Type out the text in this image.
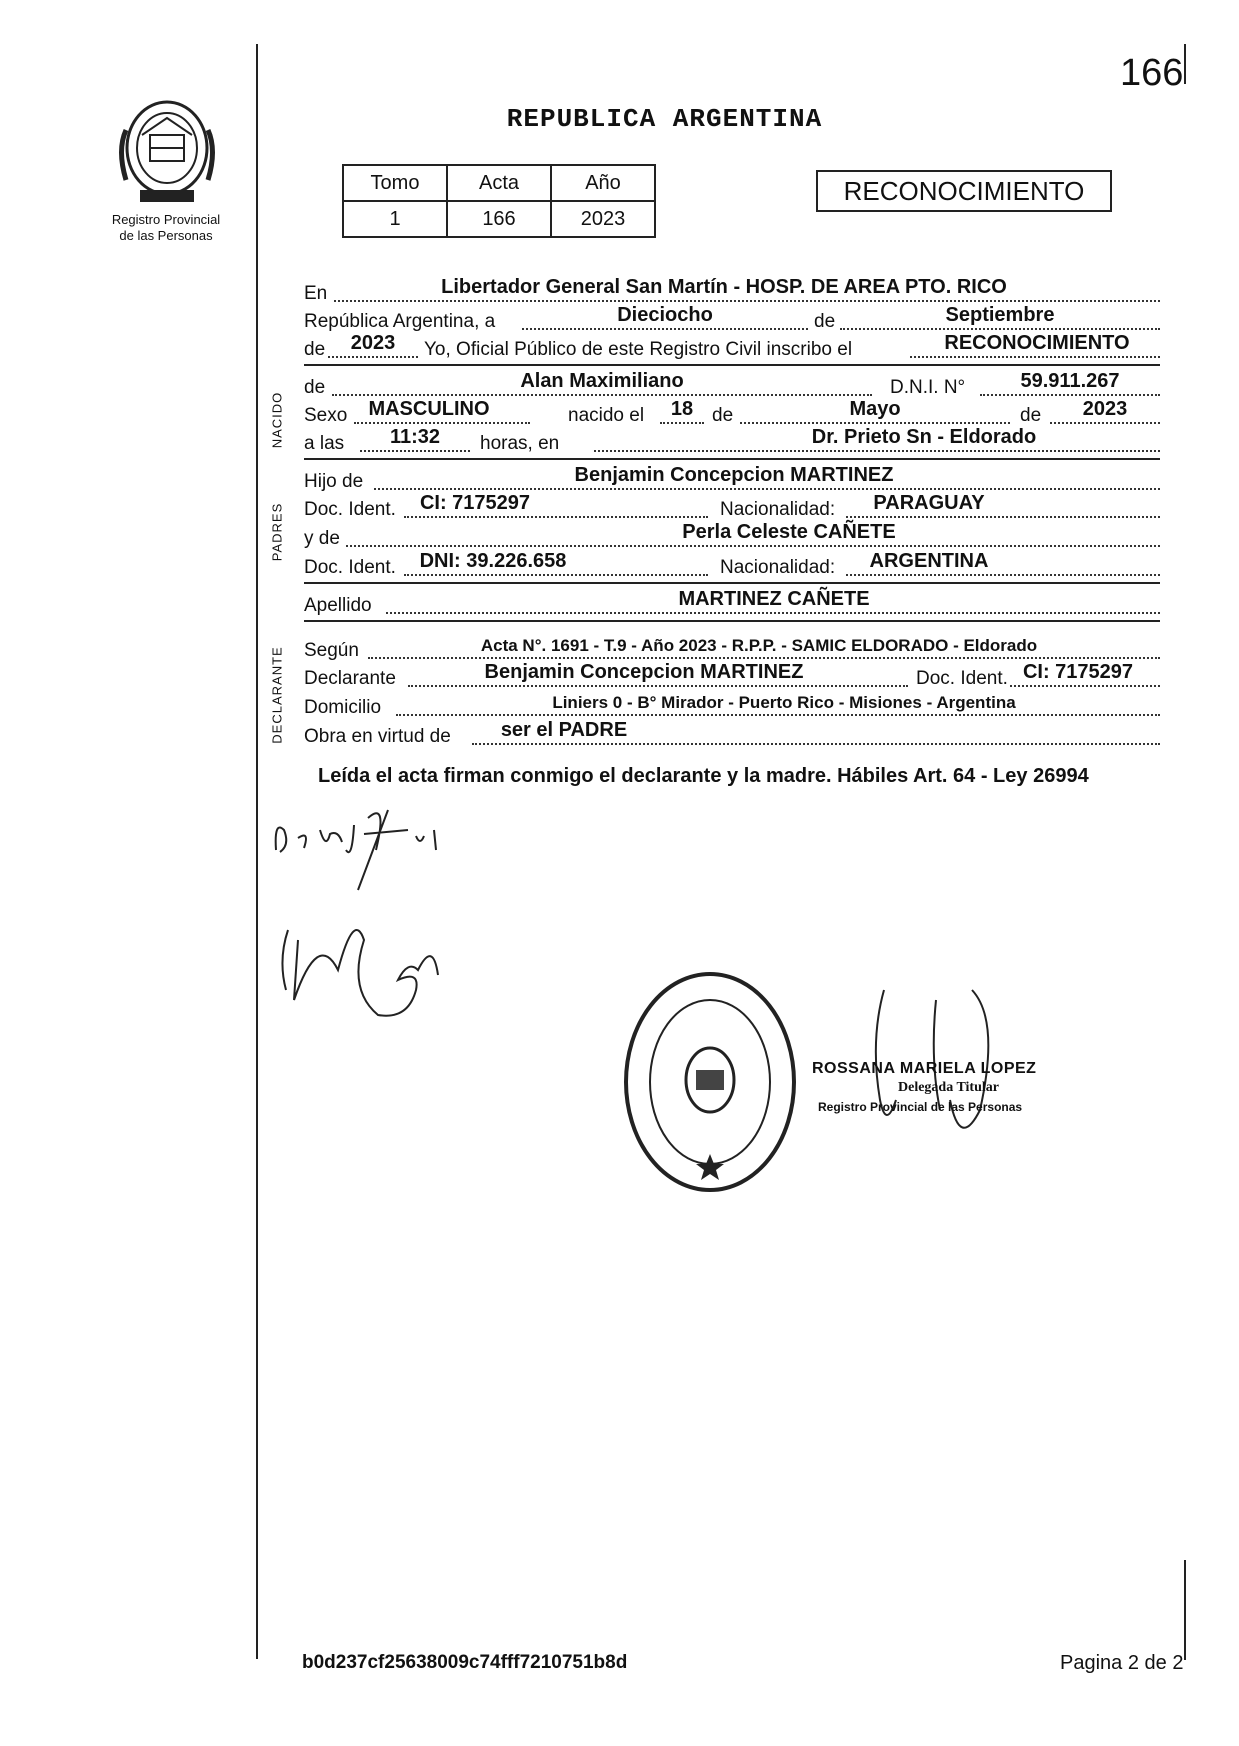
166
Registro Provincial
de las Personas
REPUBLICA ARGENTINA
Tomo	Acta	Año
1	166	2023
RECONOCIMIENTO
NACIDO
PADRES
DECLARANTE
En	Libertador General San Martín - HOSP. DE AREA PTO. RICO
República Argentina, a	Dieciocho	de	Septiembre
de	2023	Yo, Oficial Público de este Registro Civil inscribo el	RECONOCIMIENTO
de	Alan Maximiliano	D.N.I. N°	59.911.267
Sexo	MASCULINO	nacido el	18 de	Mayo	de	2023
a las	11:32	horas, en	Dr. Prieto Sn - Eldorado
Hijo de	Benjamin Concepcion MARTINEZ
Doc. Ident.	CI: 7175297	Nacionalidad:	PARAGUAY
y de	Perla Celeste CAÑETE
Doc. Ident.	DNI: 39.226.658	Nacionalidad:	ARGENTINA
Apellido	MARTINEZ CAÑETE
Según	Acta N°. 1691 - T.9 - Año 2023 - R.P.P. - SAMIC ELDORADO - Eldorado
Declarante	Benjamin Concepcion MARTINEZ	Doc. Ident. CI: 7175297
Domicilio	Liniers 0 - B° Mirador - Puerto Rico - Misiones - Argentina
Obra en virtud de	ser el PADRE
Leída el acta firman conmigo el declarante y la madre. Hábiles Art. 64 - Ley 26994
ROSSANA MARIELA LOPEZ
Delegada Titular
Registro Provincial de las Personas
b0d237cf25638009c74fff7210751b8d	Pagina 2 de 2
